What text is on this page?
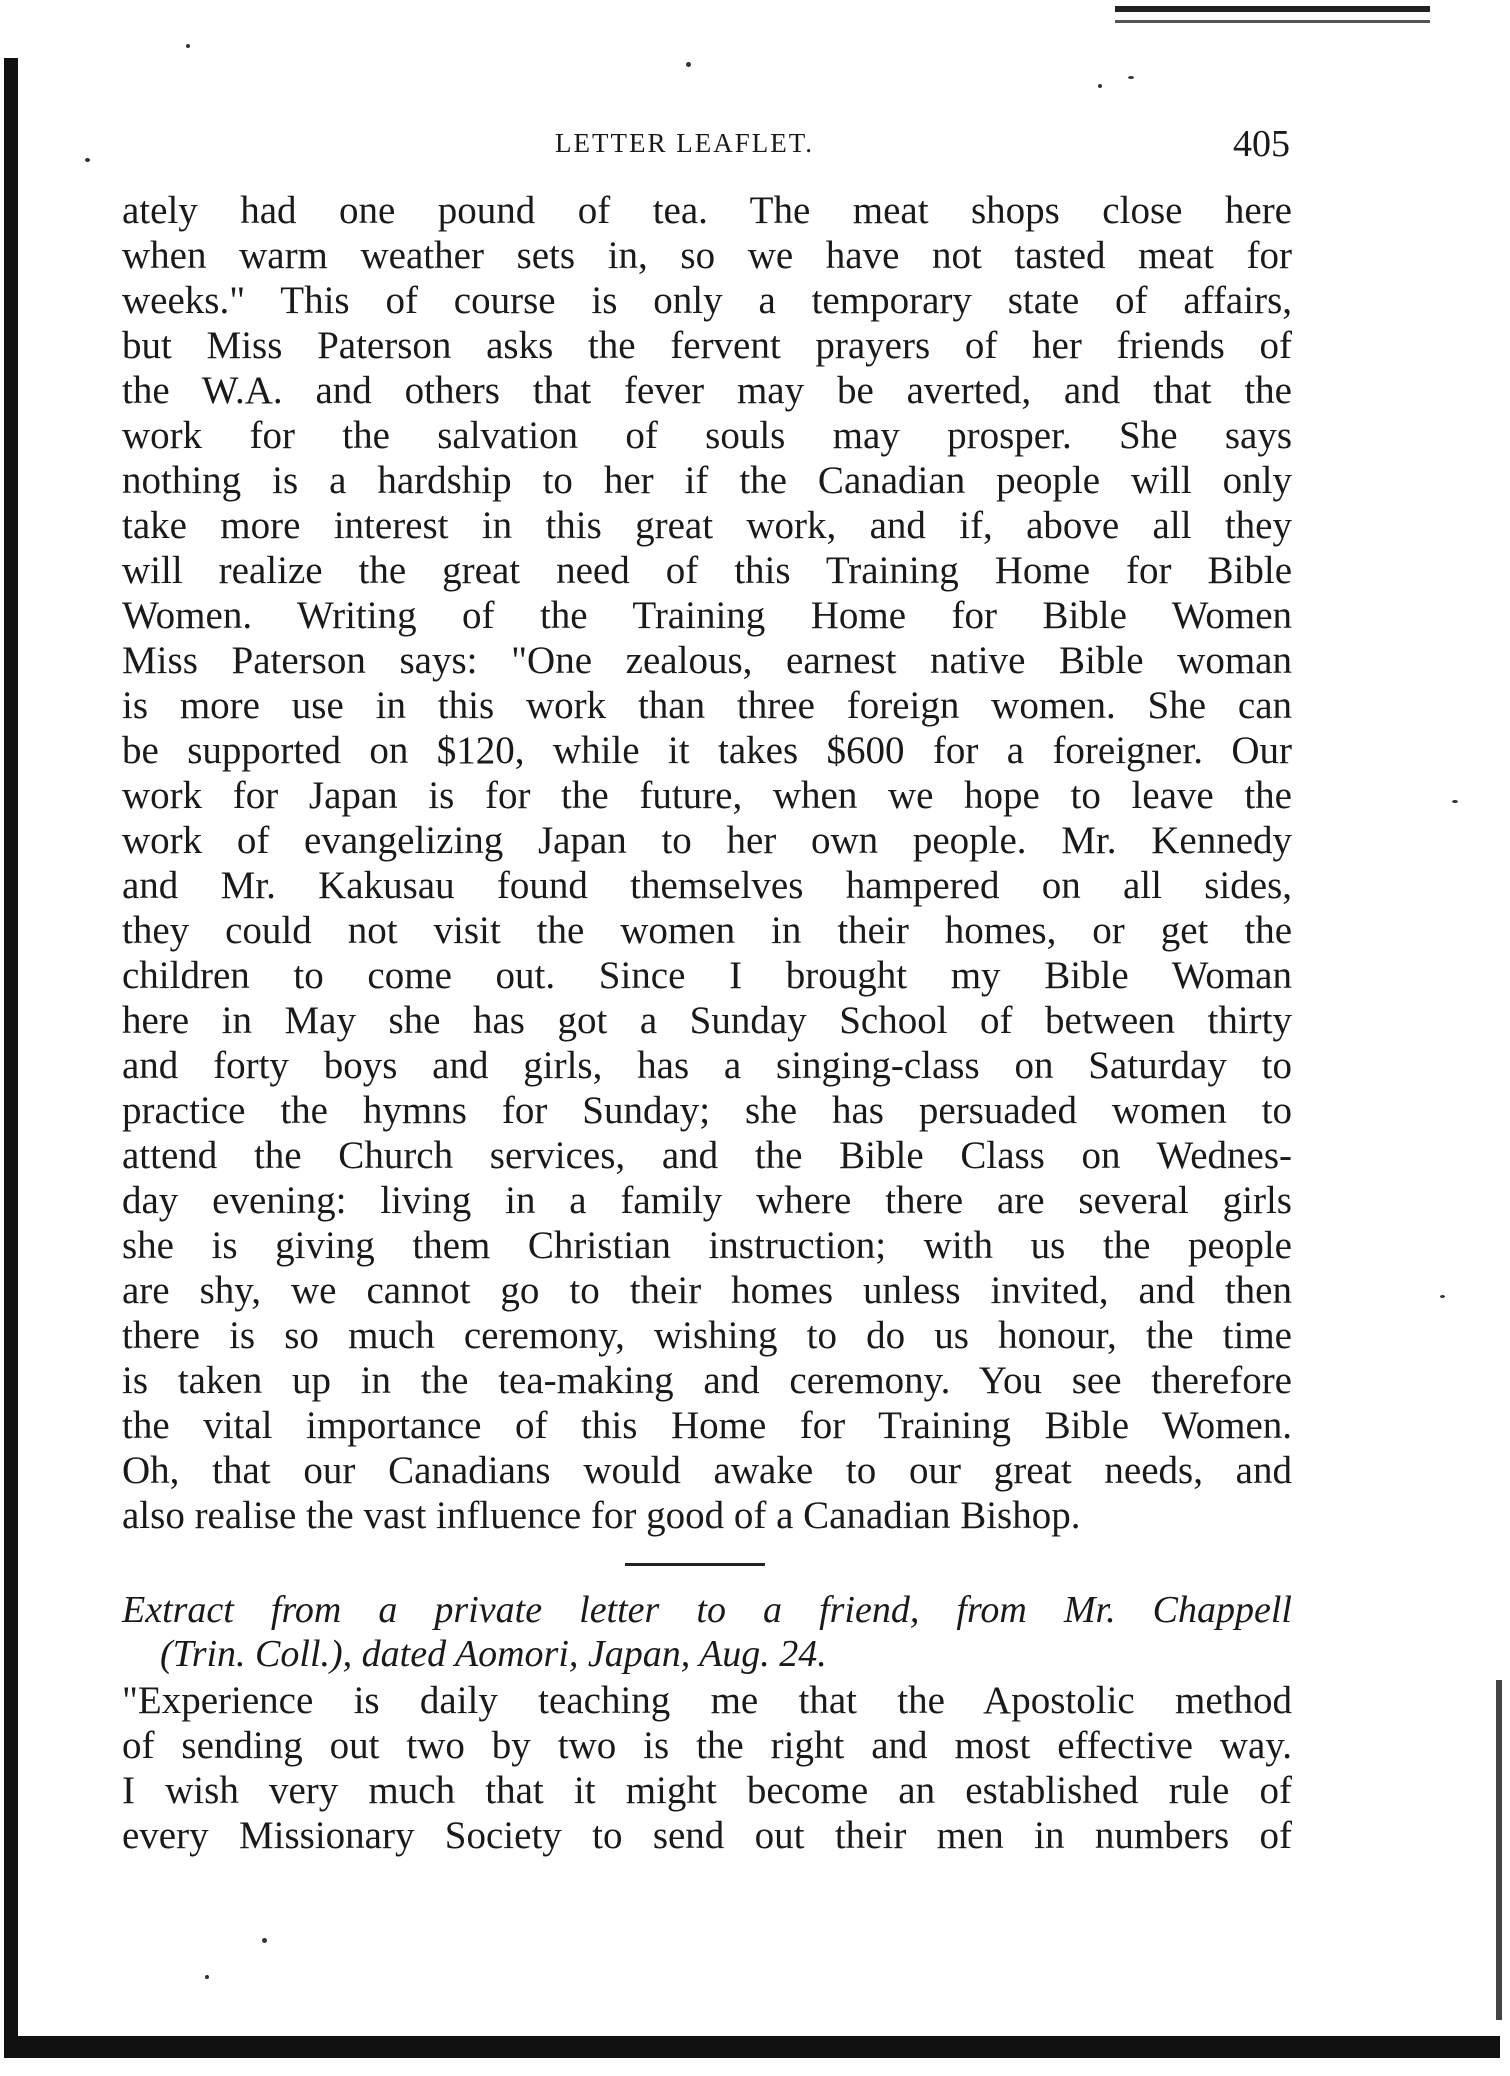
LETTER LEAFLET.	405
ately had one pound of tea. The meat shops close here
when warm weather sets in, so we have not tasted meat for
weeks." This of course is only a temporary state of affairs,
but Miss Paterson asks the fervent prayers of her friends of
the W.A. and others that fever may be averted, and that the
work for the salvation of souls may prosper. She says
nothing is a hardship to her if the Canadian people will only
take more interest in this great work, and if, above all they
will realize the great need of this Training Home for Bible
Women. Writing of the Training Home for Bible Women
Miss Paterson says: "One zealous, earnest native Bible woman
is more use in this work than three foreign women. She can
be supported on $120, while it takes $600 for a foreigner. Our
work for Japan is for the future, when we hope to leave the
work of evangelizing Japan to her own people. Mr. Kennedy
and Mr. Kakusau found themselves hampered on all sides,
they could not visit the women in their homes, or get the
children to come out. Since I brought my Bible Woman
here in May she has got a Sunday School of between thirty
and forty boys and girls, has a singing-class on Saturday to
practice the hymns for Sunday; she has persuaded women to
attend the Church services, and the Bible Class on Wednes-
day evening: living in a family where there are several girls
she is giving them Christian instruction; with us the people
are shy, we cannot go to their homes unless invited, and then
there is so much ceremony, wishing to do us honour, the time
is taken up in the tea-making and ceremony. You see therefore
the vital importance of this Home for Training Bible Women.
Oh, that our Canadians would awake to our great needs, and
also realise the vast influence for good of a Canadian Bishop.
Extract from a private letter to a friend, from Mr. Chappell
(Trin. Coll.), dated Aomori, Japan, Aug. 24.
"Experience is daily teaching me that the Apostolic method
of sending out two by two is the right and most effective way.
I wish very much that it might become an established rule of
every Missionary Society to send out their men in numbers of
